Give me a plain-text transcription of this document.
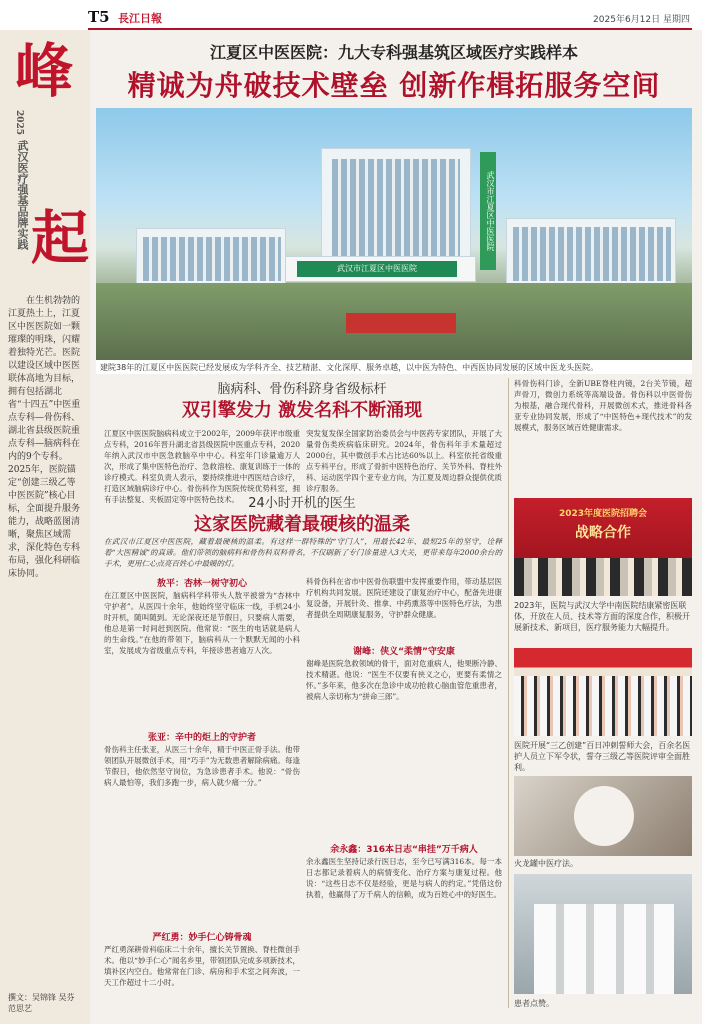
T5 長江日報	2025年6月12日 星期四
峰
2025
武汉医疗强基品牌实践 起
在生机勃勃的江夏热土上，江夏区中医医院如一颗璀璨的明珠，闪耀着独特光芒。医院以建设区域中医医联体高地为目标，拥有包括湖北省“十四五”中医重点专科—骨伤科、湖北省县级医院重点专科—脑病科在内的9个专科。2025年，医院锚定“创建三级乙等中医医院”核心目标，全面提升服务能力，战略蓝图清晰，聚焦区域需求，深化特色专科布局，强化科研临床协同。
撰文：吴锦锋 吴芬 范思艺
江夏区中医医院：九大专科强基筑区域医疗实践样本
精诚为舟破技术壁垒 创新作楫拓服务空间
武汉市江夏区中医医院
武汉市江夏区中医医院
建院38年的江夏区中医医院已经发展成为学科齐全、技艺精湛、文化深厚、服务卓越，以中医为特色、中西医协同发展的区域中医龙头医院。
脑病科、骨伤科跻身省级标杆
双引擎发力 激发名科不断涌现
江夏区中医医院脑病科成立于2002年，2009年获评市级重点专科，2016年晋升湖北省县级医院中医重点专科，2020年纳入武汉市中医急救脑卒中中心。科室年门诊量逾万人次，形成了集中医特色治疗、急救溶栓、康复训练于一体的诊疗模式。科室负责人表示，要持续推进中西医结合诊疗，打造区域脑病诊疗中心。骨伤科作为医院传统优势科室，拥有手法整复、夹板固定等中医特色技术。
突发复发保全国家防治委员会与中医药专家团队，开展了大量骨伤类疾病临床研究。2024年，骨伤科年手术量超过2000台，其中微创手术占比达60%以上。科室依托省级重点专科平台，形成了骨折中医特色治疗、关节外科、脊柱外科、运动医学四个亚专业方向，为江夏及周边群众提供优质诊疗服务。
科骨伤科门诊，全新UBE脊柱内镜，2台关节镜，超声骨刀，微创力系统等高端设备。骨伤科以中医骨伤为根基，融合现代骨科，开展微创术式，推进骨科各亚专业协同发展，形成了“中医特色+现代技术”的发展模式，服务区域百姓健康需求。
24小时开机的医生
这家医院藏着最硬核的温柔
在武汉市江夏区中医医院，藏着最硬核的温柔。有这样一群特殊的“守门人”，用最长42年、最短25年的坚守，诠释着“大医精诚”的真谛。他们带领的脑病科和骨伤科双科骨名，不仅刷新了专门诊量进入3大关，更带来每年2000余台的手术，更用仁心点亮百姓心中最暖的灯。
敖平：杏林一树守初心
在江夏区中医医院，脑病科学科带头人敖平被誉为“杏林中守护者”。从医四十余年，他始终坚守临床一线，手机24小时开机，随叫随到。无论深夜还是节假日，只要病人需要，他总是第一时间赶到医院。他常说：“医生的电话就是病人的生命线。”在他的带领下，脑病科从一个默默无闻的小科室，发展成为省级重点专科，年接诊患者逾万人次。
张亚：辛中的炬上的守护者
骨伤科主任张亚，从医三十余年，精于中医正骨手法。他带领团队开展微创手术，用“巧手”为无数患者解除病痛。每逢节假日，他依然坚守岗位，为急诊患者手术。他说：“骨伤病人最怕等，我们多跑一步，病人就少痛一分。”
严红勇：妙手仁心铸骨魂
严红勇深耕骨科临床二十余年，擅长关节置换、脊柱微创手术。他以“妙手仁心”闻名乡里，带领团队完成多项新技术，填补区内空白。他常常在门诊、病房和手术室之间奔波，一天工作超过十二小时。
科骨伤科在省市中医骨伤联盟中发挥重要作用，带动基层医疗机构共同发展。医院还建设了康复治疗中心，配备先进康复设备，开展针灸、推拿、中药熏蒸等中医特色疗法，为患者提供全周期康复服务，守护群众健康。
谢峰：侠义“柔情”守安康
谢峰是医院急救领域的骨干，面对危重病人，他果断冷静、技术精湛。他说：“医生不仅要有侠义之心，更要有柔情之怀。”多年来，他多次在急诊中成功抢救心脑血管危重患者，被病人亲切称为“拼命三郎”。
余永鑫：316本日志“串挂”万千病人
余永鑫医生坚持记录行医日志，至今已写满316本。每一本日志都记录着病人的病情变化、治疗方案与康复过程。他说：“这些日志不仅是经验，更是与病人的约定。”凭借这份执着，他赢得了万千病人的信赖，成为百姓心中的好医生。
2023年度医院招聘会
战略合作
2023年，医院与武汉大学中南医院结康紧密医联体，开放在人员、技术等方面的深度合作，积极开展新技术、新项目，医疗服务能力大幅提升。
医院开展“三乙创建”百日冲刺誓师大会，百余名医护人员立下军令状，誓夺三级乙等医院评审全面胜利。
火龙罐中医疗法。
患者点赞。
